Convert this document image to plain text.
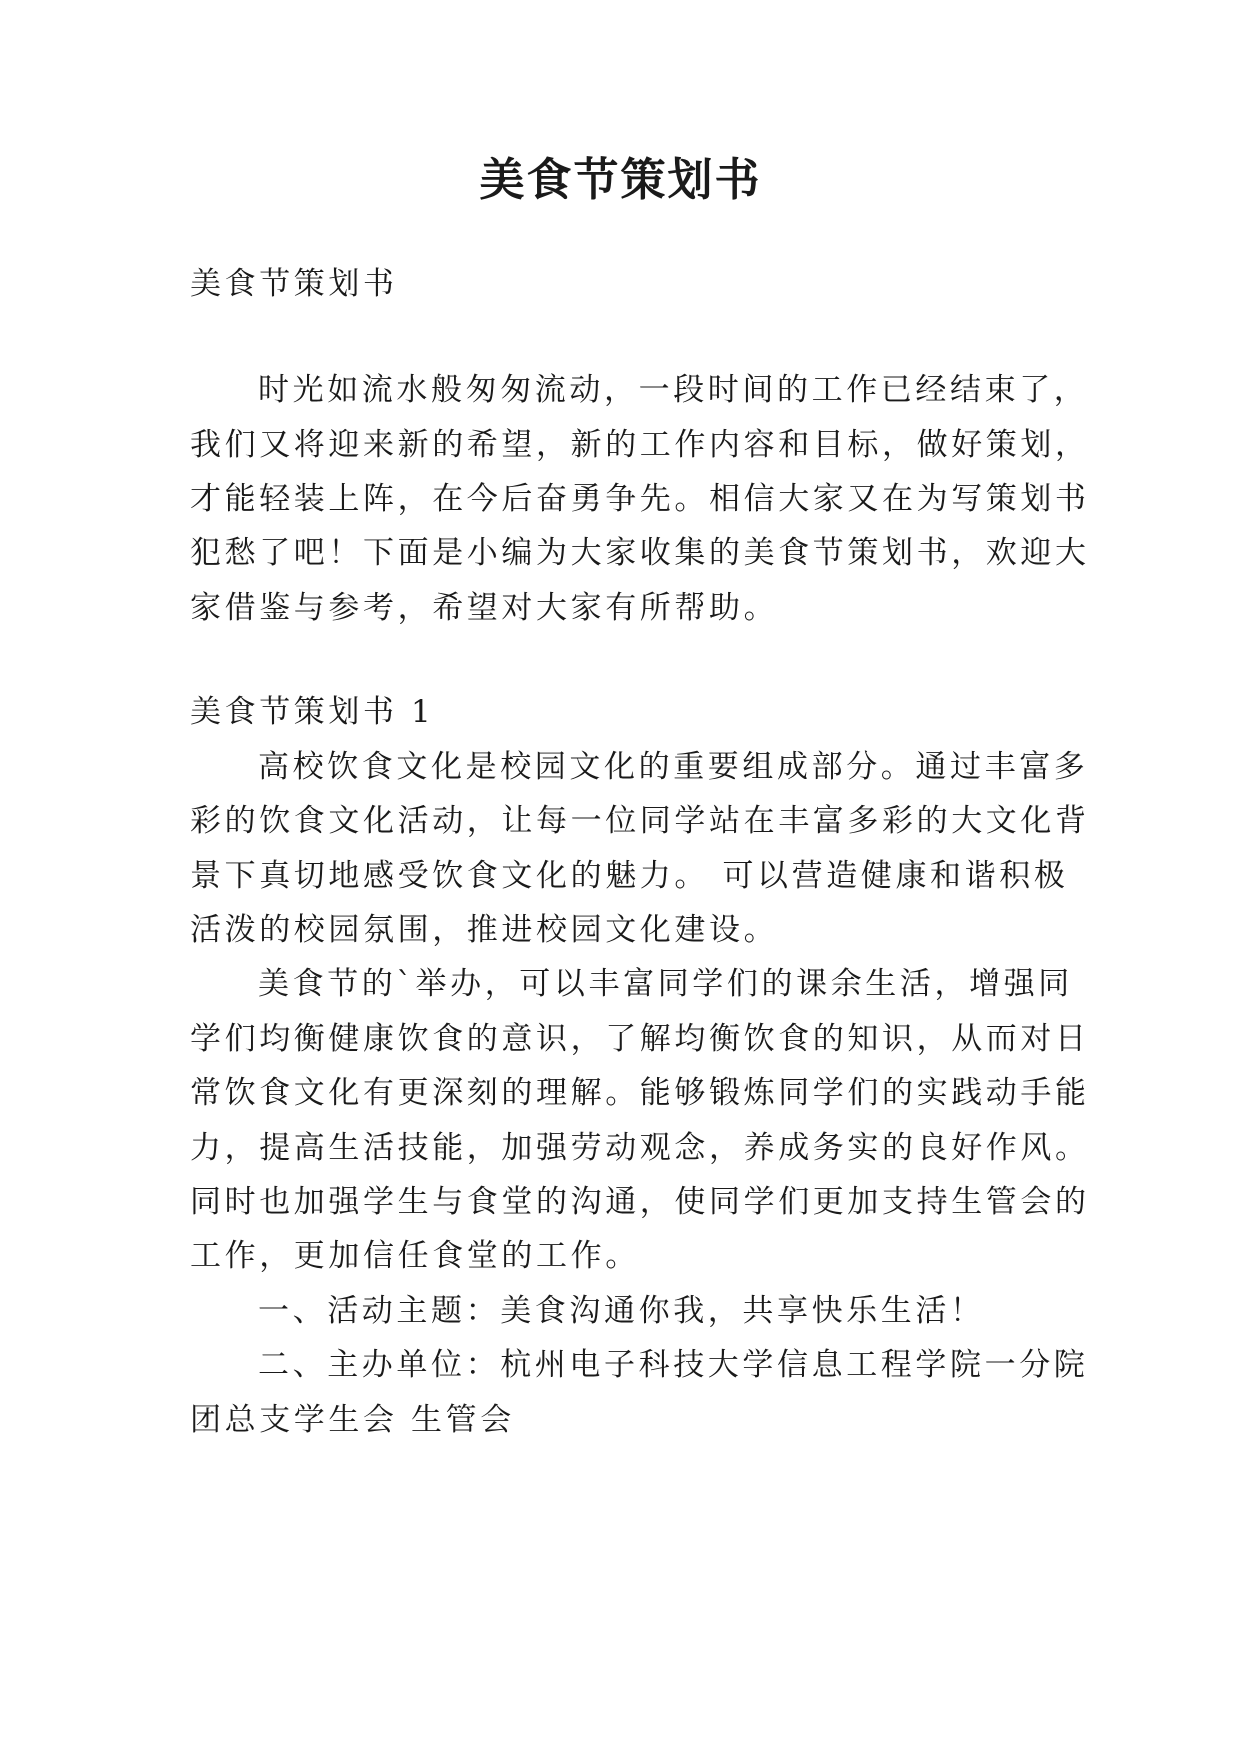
美食节策划书

美食节策划书

时光如流水般匆匆流动，一段时间的工作已经结束了，

我们又将迎来新的希望，新的工作内容和目标，做好策划，

才能轻装上阵，在今后奋勇争先。相信大家又在为写策划书

犯愁了吧！下面是小编为大家收集的美食节策划书，欢迎大

家借鉴与参考，希望对大家有所帮助。

美食节策划书 1

高校饮食文化是校园文化的重要组成部分。通过丰富多

彩的饮食文化活动，让每一位同学站在丰富多彩的大文化背

景下真切地感受饮食文化的魅力。 可以营造健康和谐积极

活泼的校园氛围，推进校园文化建设。

美食节的`举办，可以丰富同学们的课余生活，增强同

学们均衡健康饮食的意识，了解均衡饮食的知识，从而对日

常饮食文化有更深刻的理解。能够锻炼同学们的实践动手能

力，提高生活技能，加强劳动观念，养成务实的良好作风。

同时也加强学生与食堂的沟通，使同学们更加支持生管会的

工作，更加信任食堂的工作。

一、活动主题：美食沟通你我，共享快乐生活！

二、主办单位：杭州电子科技大学信息工程学院一分院

团总支学生会 生管会
